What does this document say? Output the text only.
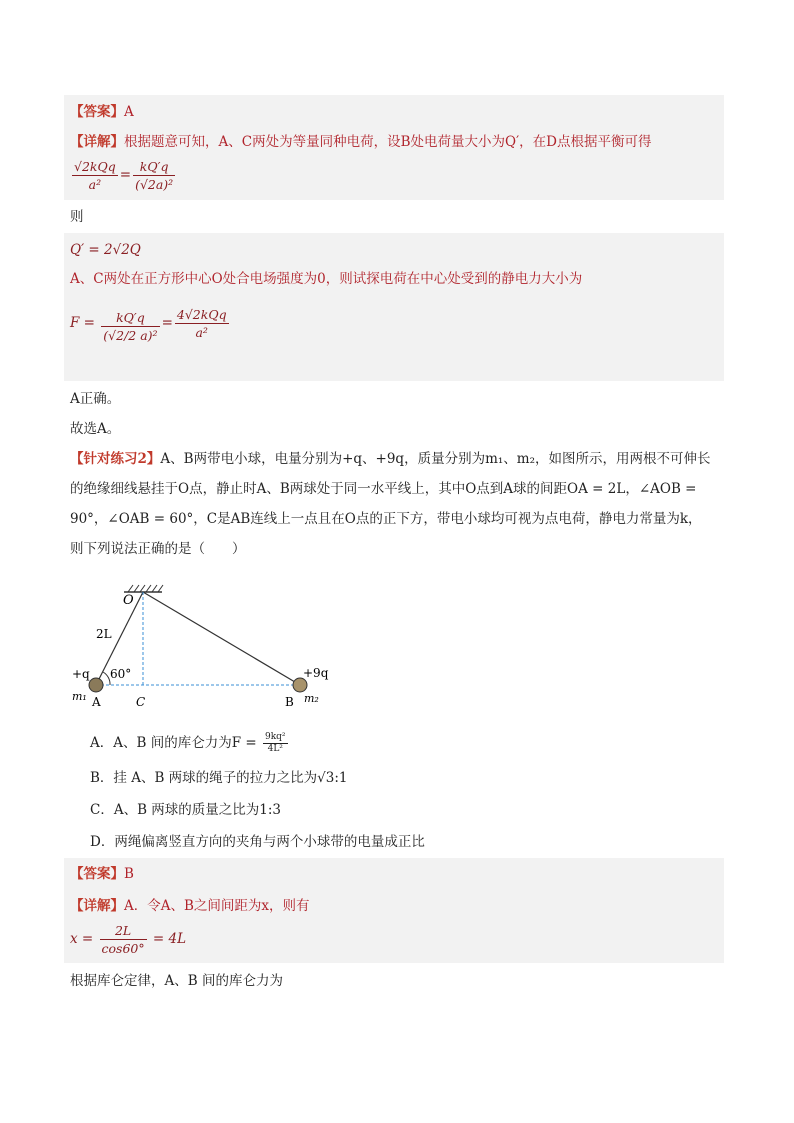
【答案】A
【详解】根据题意可知，A、C两处为等量同种电荷，设B处电荷量大小为Q′，在D点根据平衡可得
$\frac{\text{√2kQq}}{\text{a²}} = \frac{kQ'q}{\text{(√2a)²}}$
则
Q′ = 2√2Q
A、C两处在正方形中心O处合电场强度为0，则试探电荷在中心处受到的静电力大小为
$F = \frac{kQ'q}{\text{(√2/2 a)²}} = \frac{\text{4√2kQq}}{\text{a²}}$
A正确。
故选A。
【针对练习2】A、B两带电小球，电量分别为+q、+9q，质量分别为m₁、m₂，如图所示，用两根不可伸长
的绝缘细线悬挂于O点，静止时A、B两球处于同一水平线上，其中O点到A球的间距OA = 2L，∠AOB =
90°，∠OAB = 60°，C是AB连线上一点且在O点的正下方，带电小球均可视为点电荷，静电力常量为k，
则下列说法正确的是（　　）
O
2L
+q 60°	+9q
m₁ A	C	B m₂
A．A、B 间的库仑力为$F = \frac{\text{9kq²}}{\text{4L²}}$
B．挂 A、B 两球的绳子的拉力之比为√3:1
C．A、B 两球的质量之比为1:3
D．两绳偏离竖直方向的夹角与两个小球带的电量成正比
【答案】B
【详解】A．令A、B之间间距为x，则有
$x = \frac{2L}{\cos 60^\circ} = 4L$
根据库仑定律，A、B 间的库仑力为
